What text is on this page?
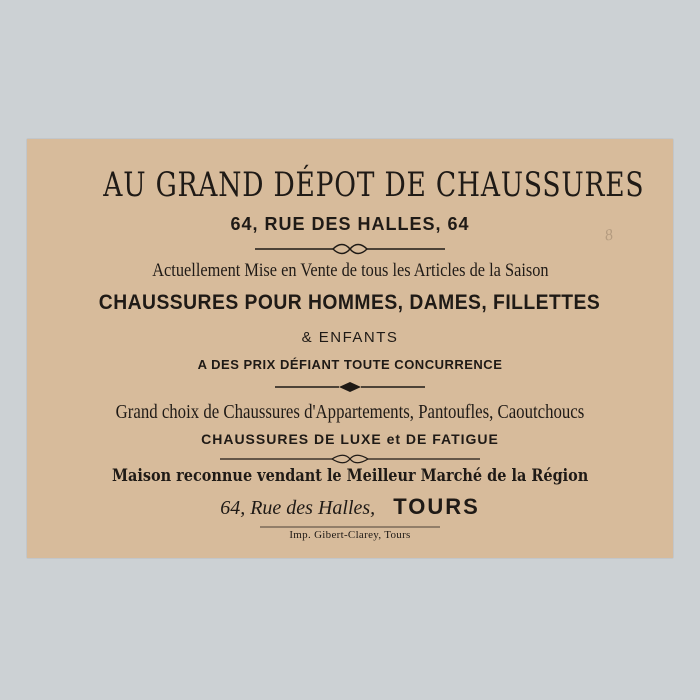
8
AU GRAND DÉPOT DE CHAUSSURES
64, RUE DES HALLES, 64
Actuellement Mise en Vente de tous les Articles de la Saison
CHAUSSURES POUR HOMMES, DAMES, FILLETTES
& ENFANTS
A DES PRIX DÉFIANT TOUTE CONCURRENCE
Grand choix de Chaussures d'Appartements, Pantoufles, Caoutchoucs
CHAUSSURES DE LUXE et DE FATIGUE
Maison reconnue vendant le Meilleur Marché de la Région
64, Rue des Halles, TOURS
Imp. Gibert-Clarey, Tours
